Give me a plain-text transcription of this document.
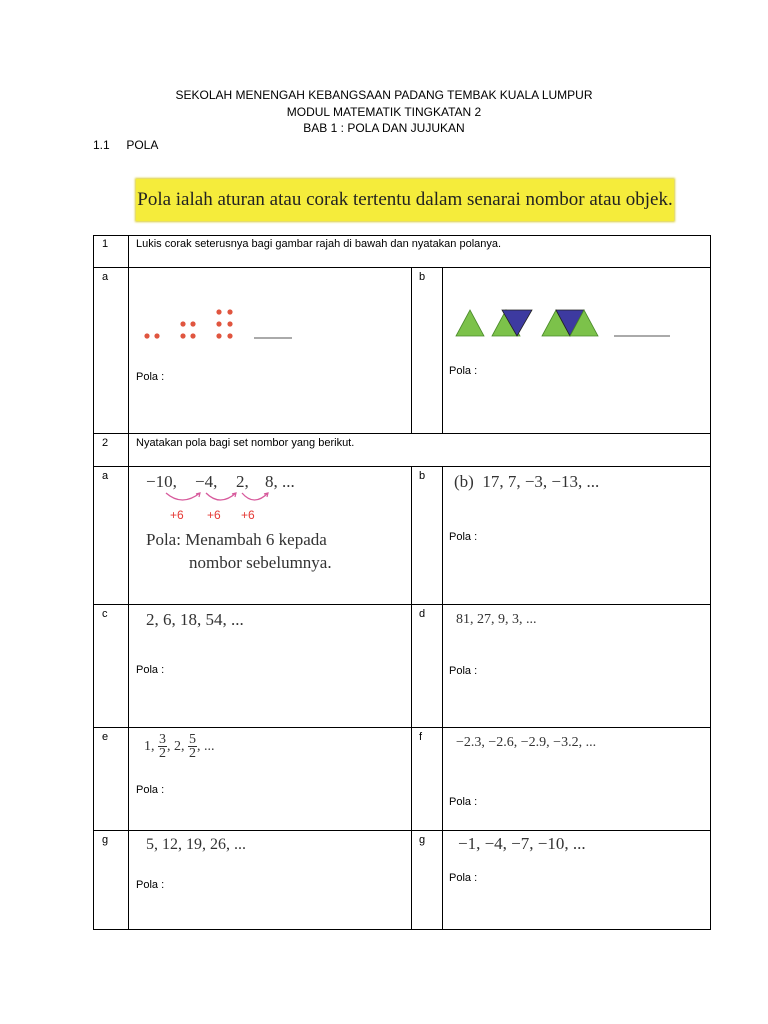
SEKOLAH MENENGAH KEBANGSAAN PADANG TEMBAK KUALA LUMPUR
MODUL MATEMATIK TINGKATAN 2
BAB 1 : POLA DAN JUJUKAN
1.1 POLA
Pola ialah aturan atau corak tertentu dalam senarai nombor atau objek.
1	Lukis corak seterusnya bagi gambar rajah di bawah dan nyatakan polanya.
a
Pola :
b
Pola :
2	Nyatakan pola bagi set nombor yang berikut.
a −10, −4, 2, 8, ...
+6 +6 +6
Pola: Menambah 6 kepada
nombor sebelumnya.
b (b) 17, 7, −3, −13, ...
Pola :
c 2, 6, 18, 54, ...
Pola :
d 81, 27, 9, 3, ...
Pola :
e
1, $\frac{3}{2}$ , 2, $\frac{5}{2}$ , ...
Pola :
f −2.3, −2.6, −2.9, −3.2, ...
Pola :
g 5, 12, 19, 26, ...
Pola :
g −1, −4, −7, −10, ...
Pola :
